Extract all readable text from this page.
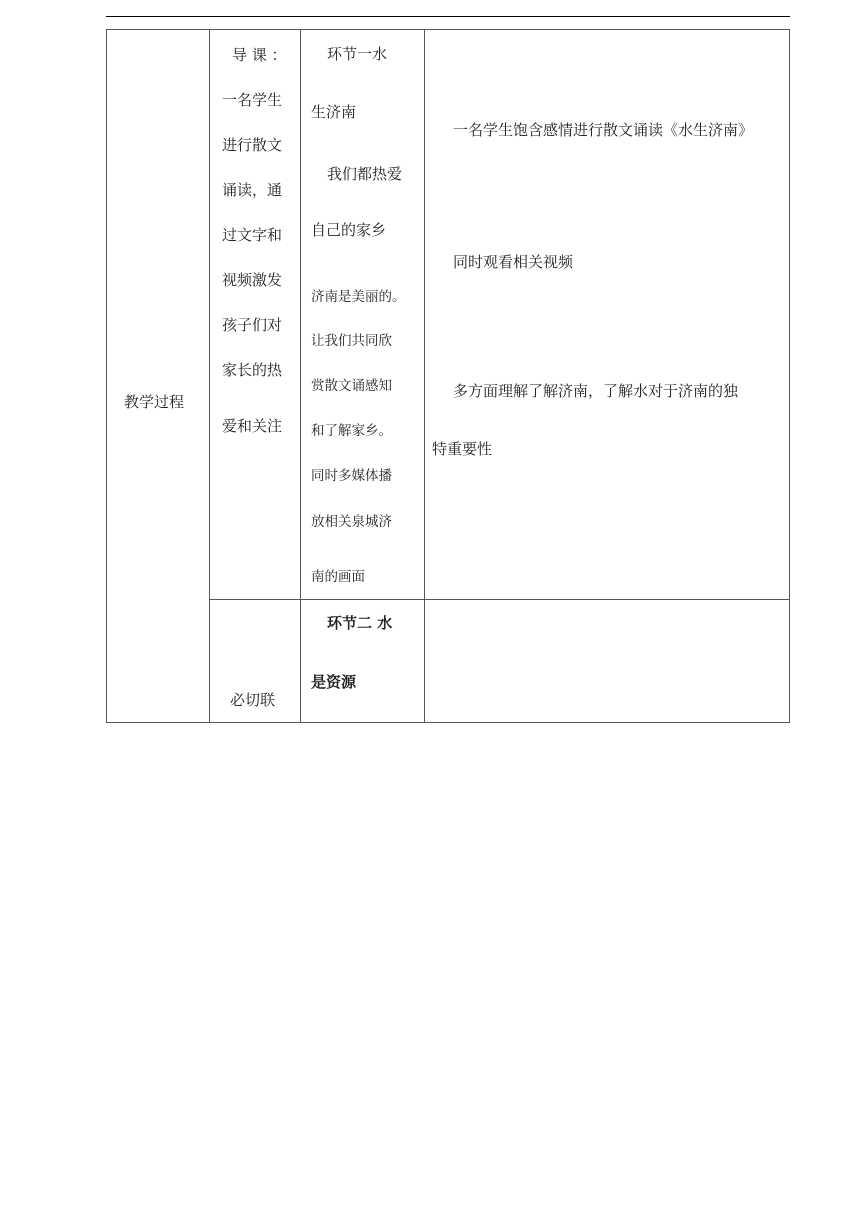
教学过程
导 课 ：
一名学生
进行散文
诵读，通
过文字和
视频激发
孩子们对
家长的热
爱和关注
必切联
环节一水
生济南
我们都热爱
自己的家乡
济南是美丽的。
让我们共同欣
赏散文诵感知
和了解家乡。
同时多媒体播
放相关泉城济
南的画面
环节二 水
是资源
一名学生饱含感情进行散文诵读《水生济南》
同时观看相关视频
多方面理解了解济南，了解水对于济南的独
特重要性
